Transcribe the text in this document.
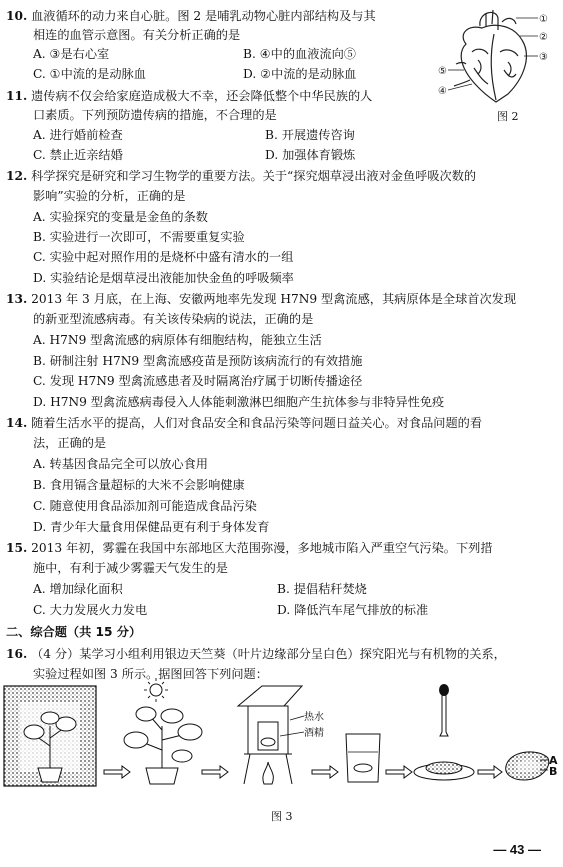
10. 血液循环的动力来自心脏。图 2 是哺乳动物心脏内部结构及与其
相连的血管示意图。有关分析正确的是
A. ③是右心室	B. ④中的血液流向⑤
C. ①中流的是动脉血	D. ②中流的是动脉血
①
②
③
⑤
④
图 2
11. 遗传病不仅会给家庭造成极大不幸，还会降低整个中华民族的人
口素质。下列预防遗传病的措施，不合理的是
A. 进行婚前检查	B. 开展遗传咨询
C. 禁止近亲结婚	D. 加强体育锻炼
12. 科学探究是研究和学习生物学的重要方法。关于“探究烟草浸出液对金鱼呼吸次数的
影响”实验的分析，正确的是
A. 实验探究的变量是金鱼的条数
B. 实验进行一次即可，不需要重复实验
C. 实验中起对照作用的是烧杯中盛有清水的一组
D. 实验结论是烟草浸出液能加快金鱼的呼吸频率
13. 2013 年 3 月底，在上海、安徽两地率先发现 H7N9 型禽流感，其病原体是全球首次发现
的新亚型流感病毒。有关该传染病的说法，正确的是
A. H7N9 型禽流感的病原体有细胞结构，能独立生活
B. 研制注射 H7N9 型禽流感疫苗是预防该病流行的有效措施
C. 发现 H7N9 型禽流感患者及时隔离治疗属于切断传播途径
D. H7N9 型禽流感病毒侵入人体能刺激淋巴细胞产生抗体参与非特异性免疫
14. 随着生活水平的提高，人们对食品安全和食品污染等问题日益关心。对食品问题的看
法，正确的是
A. 转基因食品完全可以放心食用
B. 食用镉含量超标的大米不会影响健康
C. 随意使用食品添加剂可能造成食品污染
D. 青少年大量食用保健品更有利于身体发育
15. 2013 年初，雾霾在我国中东部地区大范围弥漫，多地城市陷入严重空气污染。下列措
施中，有利于减少雾霾天气发生的是
A. 增加绿化面积	B. 提倡秸秆焚烧
C. 大力发展火力发电	D. 降低汽车尾气排放的标准
二、综合题（共 15 分）
16. （4 分）某学习小组利用银边天竺葵（叶片边缘部分呈白色）探究阳光与有机物的关系，
实验过程如图 3 所示。据图回答下列问题：
热水
酒精
A
B
图 3
— 43 —
